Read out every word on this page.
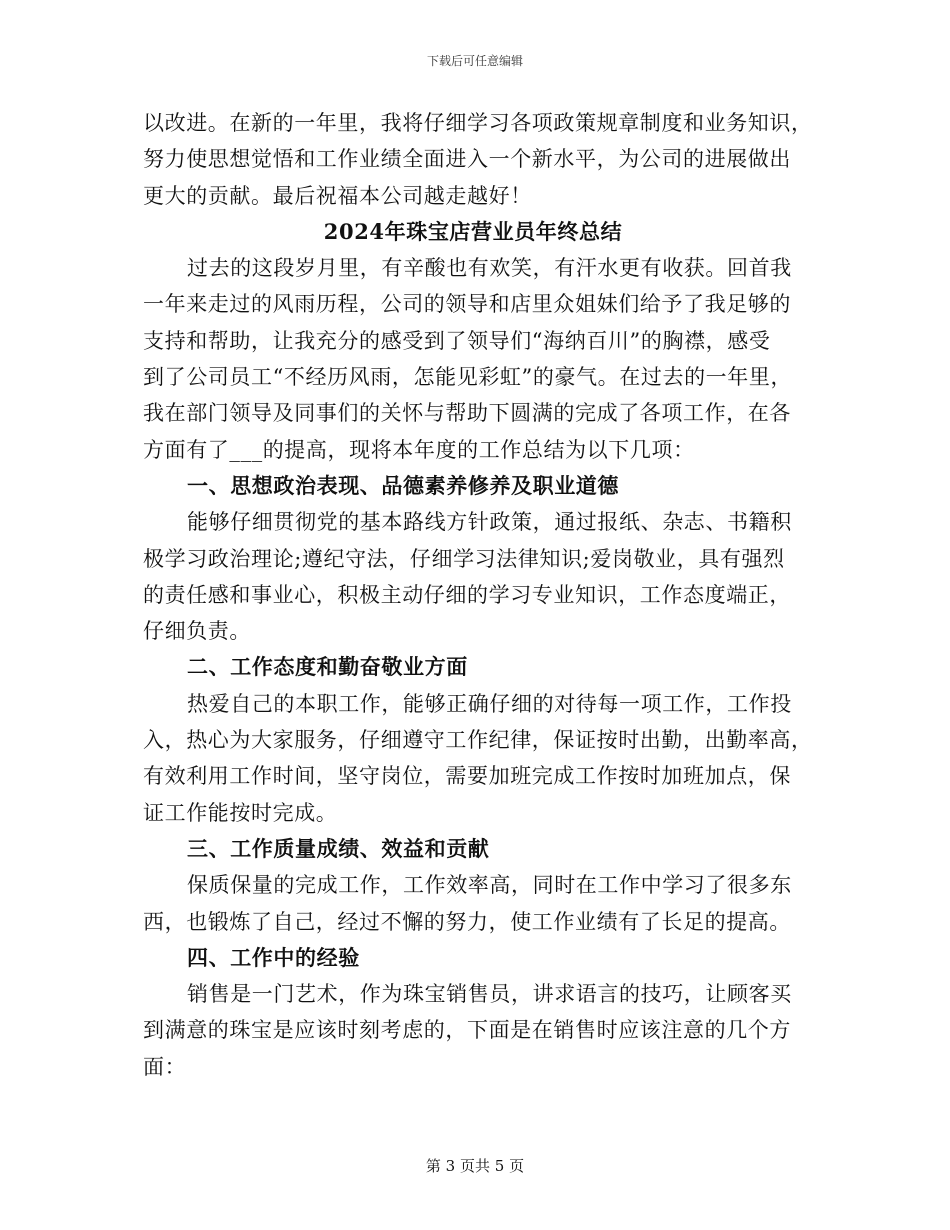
下载后可任意编辑
以改进。在新的一年里，我将仔细学习各项政策规章制度和业务知识，
努力使思想觉悟和工作业绩全面进入一个新水平，为公司的进展做出
更大的贡献。最后祝福本公司越走越好！
2024年珠宝店营业员年终总结
过去的这段岁月里，有辛酸也有欢笑，有汗水更有收获。回首我
一年来走过的风雨历程，公司的领导和店里众姐妹们给予了我足够的
支持和帮助，让我充分的感受到了领导们“海纳百川”的胸襟，感受
到了公司员工“不经历风雨，怎能见彩虹”的豪气。在过去的一年里，
我在部门领导及同事们的关怀与帮助下圆满的完成了各项工作，在各
方面有了___的提高，现将本年度的工作总结为以下几项：
一、思想政治表现、品德素养修养及职业道德
能够仔细贯彻党的基本路线方针政策，通过报纸、杂志、书籍积
极学习政治理论;遵纪守法，仔细学习法律知识;爱岗敬业，具有强烈
的责任感和事业心，积极主动仔细的学习专业知识，工作态度端正，
仔细负责。
二、工作态度和勤奋敬业方面
热爱自己的本职工作，能够正确仔细的对待每一项工作，工作投
入，热心为大家服务，仔细遵守工作纪律，保证按时出勤，出勤率高，
有效利用工作时间，坚守岗位，需要加班完成工作按时加班加点，保
证工作能按时完成。
三、工作质量成绩、效益和贡献
保质保量的完成工作，工作效率高，同时在工作中学习了很多东
西，也锻炼了自己，经过不懈的努力，使工作业绩有了长足的提高。
四、工作中的经验
销售是一门艺术，作为珠宝销售员，讲求语言的技巧，让顾客买
到满意的珠宝是应该时刻考虑的，下面是在销售时应该注意的几个方
面：
第 3 页共 5 页
